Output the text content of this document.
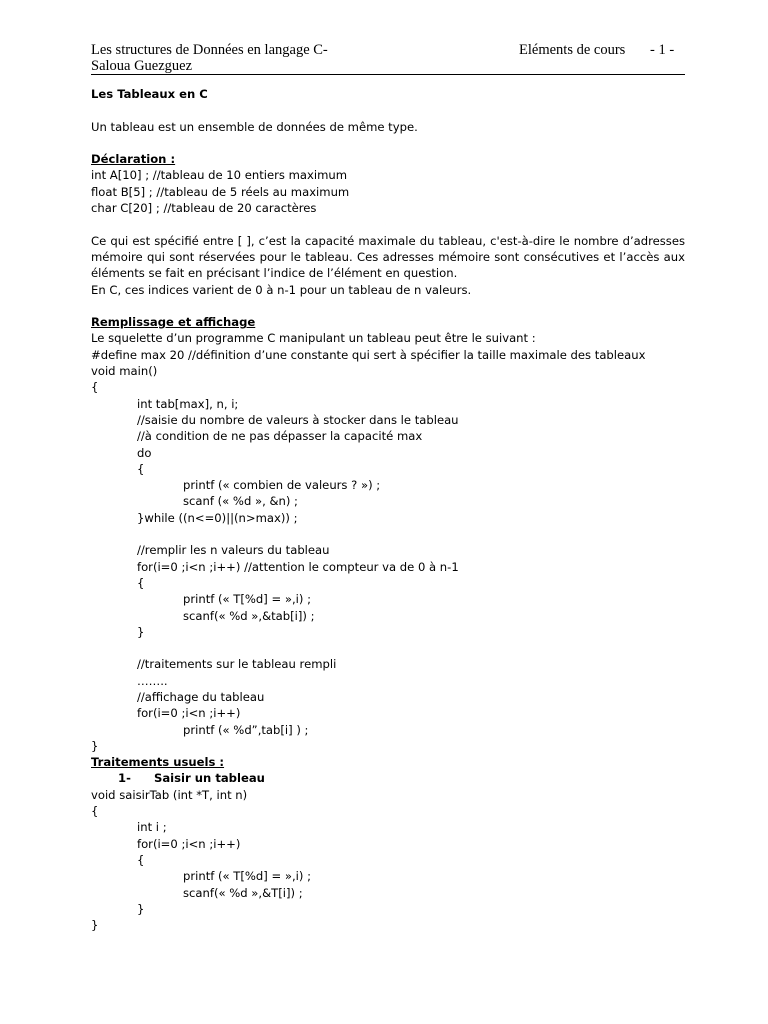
Les structures de Données en langage C-	Eléments de cours - 1 -
Saloua Guezguez
Les Tableaux en C
Un tableau est un ensemble de données de même type.
Déclaration :
int A[10] ; //tableau de 10 entiers maximum
float B[5] ; //tableau de 5 réels au maximum
char C[20] ; //tableau de 20 caractères
Ce qui est spécifié entre [ ], c’est la capacité maximale du tableau, c'est-à-dire le nombre d’adresses
mémoire qui sont réservées pour le tableau. Ces adresses mémoire sont consécutives et l’accès aux
éléments se fait en précisant l’indice de l’élément en question.
En C, ces indices varient de 0 à n-1 pour un tableau de n valeurs.
Remplissage et affichage
Le squelette d’un programme C manipulant un tableau peut être le suivant :
#define max 20 //définition d’une constante qui sert à spécifier la taille maximale des tableaux
void main()
{
int tab[max], n, i;
//saisie du nombre de valeurs à stocker dans le tableau
//à condition de ne pas dépasser la capacité max
do
{
printf (« combien de valeurs ? ») ;
scanf (« %d », &n) ;
}while ((n<=0)||(n>max)) ;
//remplir les n valeurs du tableau
for(i=0 ;i<n ;i++) //attention le compteur va de 0 à n-1
{
printf (« T[%d] = »,i) ;
scanf(« %d »,&tab[i]) ;
}
//traitements sur le tableau rempli
……..
//affichage du tableau
for(i=0 ;i<n ;i++)
printf (« %d”,tab[i] ) ;
}
Traitements usuels :
1- Saisir un tableau
void saisirTab (int *T, int n)
{
int i ;
for(i=0 ;i<n ;i++)
{
printf (« T[%d] = »,i) ;
scanf(« %d »,&T[i]) ;
}
}
